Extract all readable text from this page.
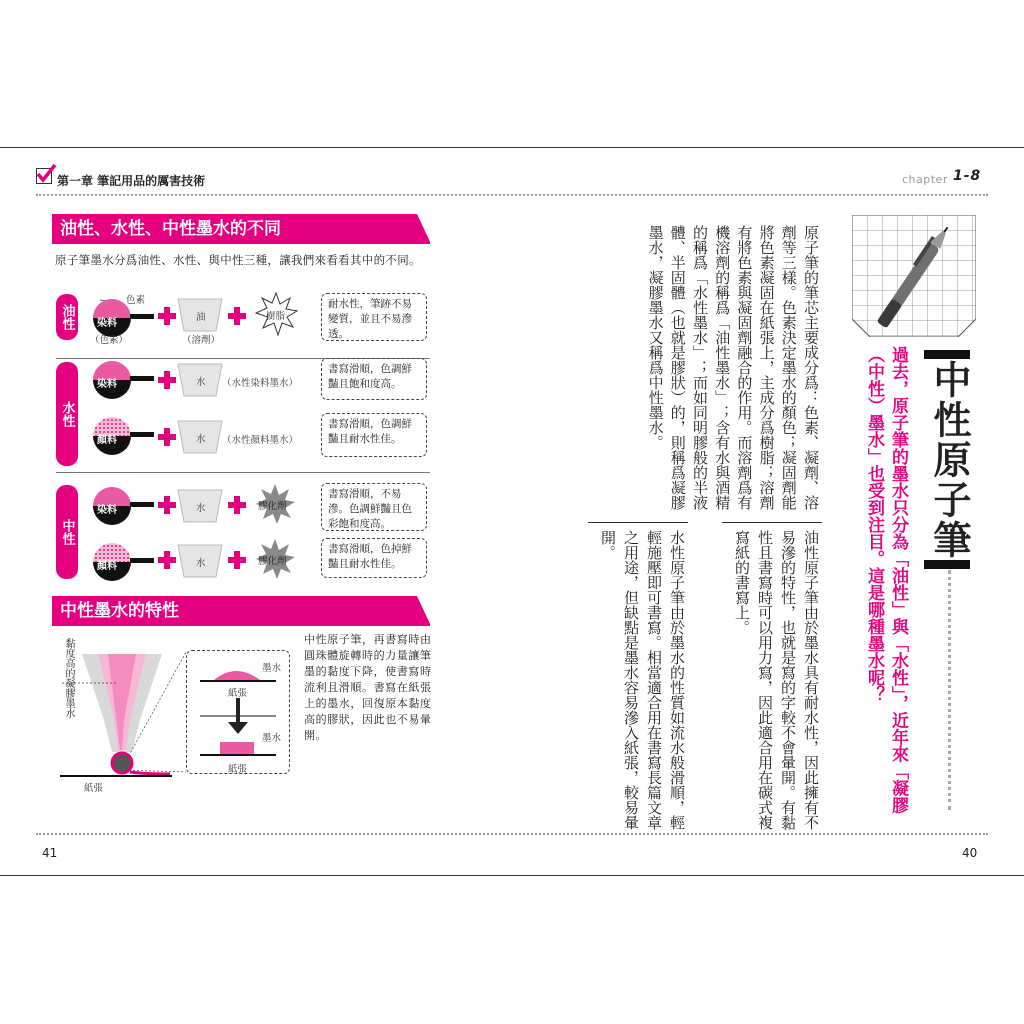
第一章 筆記用品的厲害技術	chapter 1-8
油性、水性、中性墨水的不同
原子筆墨水分爲油性、水性、與中性三種，讓我們來看看其中的不同。
油性
色素
染料
（色素）
油
（溶劑）
樹脂
耐水性，筆跡不易變質，並且不易滲透。
水性
染料	水 （水性染料墨水）
書寫滑順，色調鮮豔且飽和度高。
顏料	水 （水性顏料墨水）
書寫滑順，色調鮮豔且耐水性佳。
中性
染料	水	膠化劑
書寫滑順，不易滲。色調鮮豔且色彩飽和度高。
顏料	水	膠化劑
書寫滑順，色掉鮮豔且耐水性佳。
中性墨水的特性
黏度高的凝膠墨水
紙張
墨水
紙張
墨水
紙張
中性原子筆，再書寫時由圓珠體旋轉時的力量讓筆墨的黏度下降，使書寫時流利且滑順。書寫在紙張上的墨水，回復原本黏度高的膠狀，因此也不易暈開。
41
中性原子筆
過去，原子筆的墨水只分為「油性」與「水性」，近年來「凝膠（中性）墨水」也受到注目。這是哪種墨水呢？
原子筆的筆芯主要成分爲：色素、凝劑、溶劑等三樣。色素決定墨水的顏色；凝固劑能將色素凝固在紙張上，主成分爲樹脂；溶劑有將色素與凝固劑融合的作用。而溶劑爲有機溶劑的稱爲「油性墨水」；含有水與酒精的稱爲「水性墨水」；而如同明膠般的半液體、半固體（也就是膠狀）的，則稱爲凝膠墨水，凝膠墨水又稱爲中性墨水。
油性原子筆由於墨水具有耐水性，因此擁有不易滲的特性，也就是寫的字較不會暈開。有黏性且書寫時可以用力寫，因此適合用在碳式複寫紙的書寫上。
水性原子筆由於墨水的性質如流水般滑順，輕輕施壓即可書寫。相當適合用在書寫長篇文章之用途，但缺點是墨水容易滲入紙張，較易暈開。
40
